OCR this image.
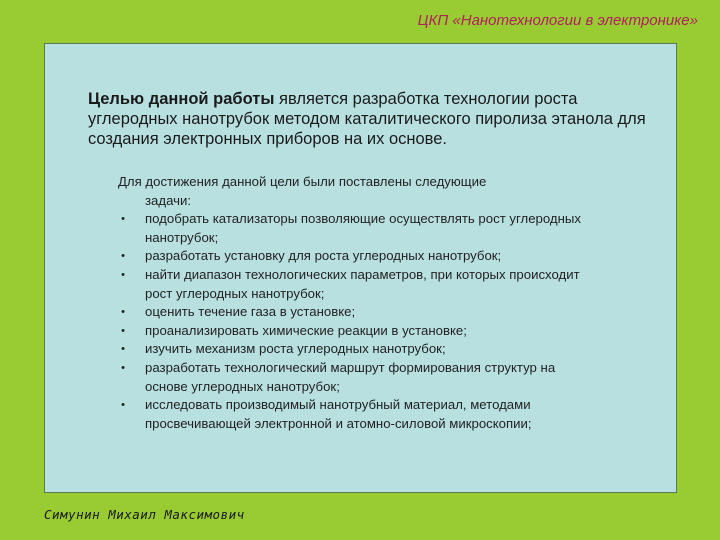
ЦКП «Нанотехнологии в электронике»
Целью данной работы является разработка технологии роста углеродных нанотрубок методом каталитического пиролиза этанола для создания электронных приборов на их основе.
Для достижения данной цели были поставлены следующие
задачи:
• подобрать катализаторы позволяющие осуществлять рост углеродных нанотрубок;
• разработать установку для роста углеродных нанотрубок;
• найти диапазон технологических параметров, при которых происходит рост углеродных нанотрубок;
• оценить течение газа в установке;
• проанализировать химические реакции в установке;
• изучить механизм роста углеродных нанотрубок;
• разработать технологический маршрут формирования структур на основе углеродных нанотрубок;
• исследовать производимый нанотрубный материал, методами просвечивающей электронной и атомно-силовой микроскопии;
Симунин Михаил Максимович
